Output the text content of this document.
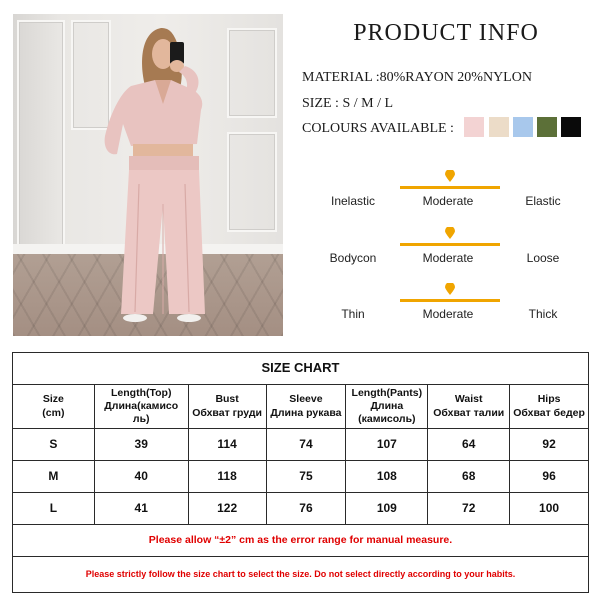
PRODUCT INFO
MATERIAL :80%RAYON 20%NYLON
SIZE : S / M / L
COLOURS AVAILABLE :
Inelastic	Moderate	Elastic
Bodycon	Moderate	Loose
Thin	Moderate	Thick
SIZE CHART						
Size
(cm)	Length(Top)
Длина(камисо
ль)	Bust
Обхват груди	Sleeve
Длина рукава	Length(Pants)
Длина
(камисоль)	Waist
Обхват талии	Hips
Обхват бедер
S	39	114	74	107	64	92
M	40	118	75	108	68	96
L	41	122	76	109	72	100
Please allow “±2” cm as the error range for manual measure.						
Please strictly follow the size chart to select the size. Do not select directly according to your habits.						
